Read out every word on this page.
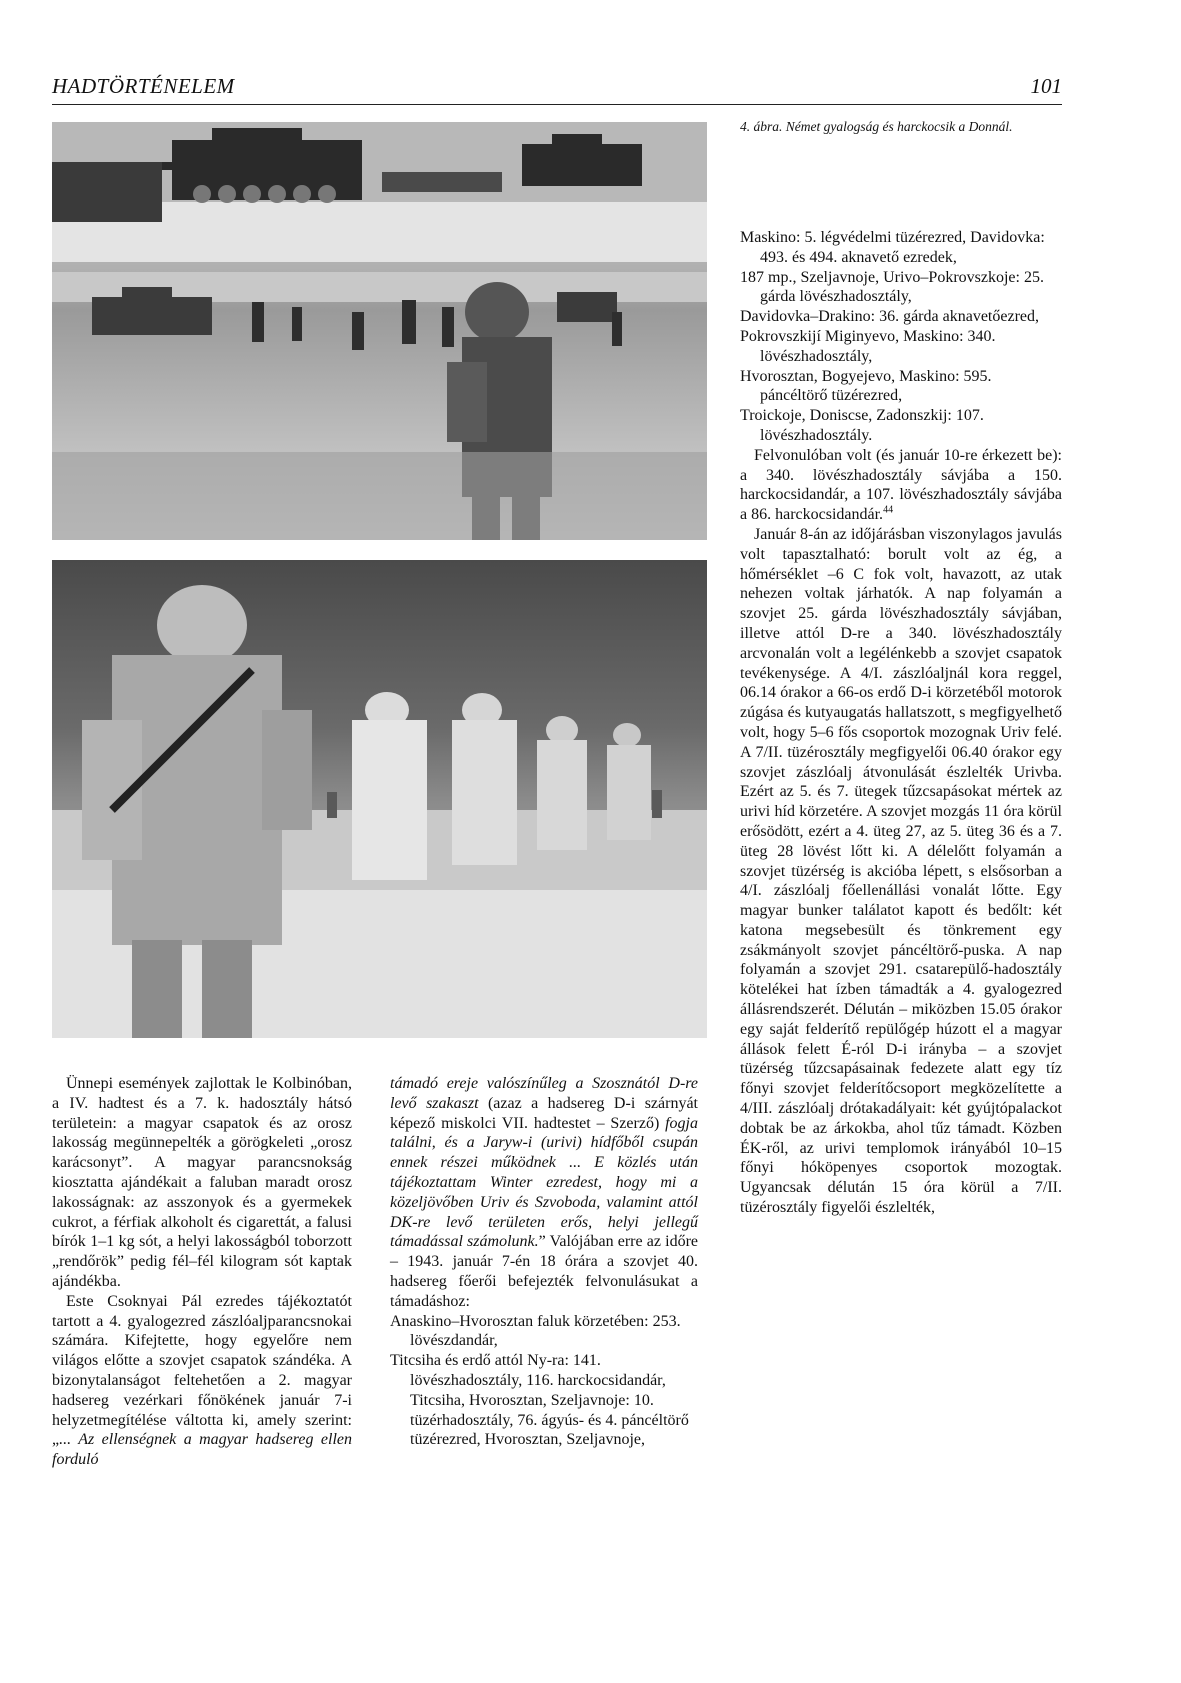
HADTÖRTÉNELEM	101
4. ábra. Német gyalogság és harckocsik a Donnál.

Maskino: 5. légvédelmi tüzérezred, Davidovka: 493. és 494. aknavető ezredek,

187 mp., Szeljavnoje, Urivo–Pokrovszkoje: 25. gárda lövészhadosztály,

Davidovka–Drakino: 36. gárda aknavetőezred,

Pokrovszkijí Miginyevo, Maskino: 340. lövészhadosztály,

Hvorosztan, Bogyejevo, Maskino: 595. páncéltörő tüzérezred,

Troickoje, Doniscse, Zadonszkij: 107. lövészhadosztály.

Felvonulóban volt (és január 10-re érkezett be): a 340. lövészhadosztály sávjába a 150. harckocsidandár, a 107. lövészhadosztály sávjába a 86. harckocsidandár.$^{44}$

Január 8-án az időjárásban viszonylagos javulás volt tapasztalható: borult volt az ég, a hőmérséklet –6 C fok volt, havazott, az utak nehezen voltak járhatók. A nap folyamán a szovjet 25. gárda lövészhadosztály sávjában, illetve attól D-re a 340. lövészhadosztály arcvonalán volt a legélénkebb a szovjet csapatok tevékenysége. A 4/I. zászlóaljnál kora reggel, 06.14 órakor a 66-os erdő D-i körzetéből motorok zúgása és kutyaugatás hallatszott, s megfigyelhető volt, hogy 5–6 fős csoportok mozognak Uriv felé. A 7/II. tüzérosztály megfigyelői 06.40 órakor egy szovjet zászlóalj átvonulását észlelték Urivba. Ezért az 5. és 7. ütegek tűzcsapásokat mértek az urivi híd körzetére. A szovjet mozgás 11 óra körül erősödött, ezért a 4. üteg 27, az 5. üteg 36 és a 7. üteg 28 lövést lőtt ki. A délelőtt folyamán a szovjet tüzérség is akcióba lépett, s elsősorban a 4/I. zászlóalj főellenállási vonalát lőtte. Egy magyar bunker találatot kapott és bedőlt: két katona megsebesült és tönkrement egy zsákmányolt szovjet páncéltörő-puska. A nap folyamán a szovjet 291. csatarepülő-hadosztály kötelékei hat ízben támadták a 4. gyalogezred állásrendszerét. Délután – miközben 15.05 órakor egy saját felderítő repülőgép húzott el a magyar állások felett É-ról D-i irányba – a szovjet tüzérség tűzcsapásainak fedezete alatt egy tíz főnyi szovjet felderítőcsoport megközelítette a 4/III. zászlóalj drótakadályait: két gyújtópalackot dobtak be az árkokba, ahol tűz támadt. Közben ÉK-ről, az urivi templomok irányából 10–15 főnyi hóköpenyes csoportok mozogtak. Ugyancsak délután 15 óra körül a 7/II. tüzérosztály figyelői észlelték,

Ünnepi események zajlottak le Kolbinóban, a IV. hadtest és a 7. k. hadosztály hátsó területein: a magyar csapatok és az orosz lakosság megünnepelték a görögkeleti „orosz karácsonyt”. A magyar parancsnokság kiosztatta ajándékait a faluban maradt orosz lakosságnak: az asszonyok és a gyermekek cukrot, a férfiak alkoholt és cigarettát, a falusi bírók 1–1 kg sót, a helyi lakosságból toborzott „rendőrök” pedig fél–fél kilogram sót kaptak ajándékba.

Este Csoknyai Pál ezredes tájékoztatót tartott a 4. gyalogezred zászlóaljparancsnokai számára. Kifejtette, hogy egyelőre nem világos előtte a szovjet csapatok szándéka. A bizonytalanságot feltehetően a 2. magyar hadsereg vezérkari főnökének január 7-i helyzetmegítélése váltotta ki, amely szerint: „... Az ellenségnek a magyar hadsereg ellen forduló

támadó ereje valószínűleg a Szosznától D-re levő szakaszt (azaz a hadsereg D-i szárnyát képező miskolci VII. hadtestet – Szerző) fogja találni, és a Jaryw-i (urivi) hídfőből csupán ennek részei működnek ... E közlés után tájékoztattam Winter ezredest, hogy mi a közeljövőben Uriv és Szvoboda, valamint attól DK-re levő területen erős, helyi jellegű támadással számolunk.” Valójában erre az időre – 1943. január 7-én 18 órára a szovjet 40. hadsereg főerői befejezték felvonulásukat a támadáshoz:

Anaskino–Hvorosztan faluk körzetében: 253. lövészdandár,

Titcsiha és erdő attól Ny-ra: 141. lövészhadosztály, 116. harckocsidandár, Titcsiha, Hvorosztan, Szeljavnoje: 10. tüzérhadosztály, 76. ágyús- és 4. páncéltörő tüzérezred, Hvorosztan, Szeljavnoje,
